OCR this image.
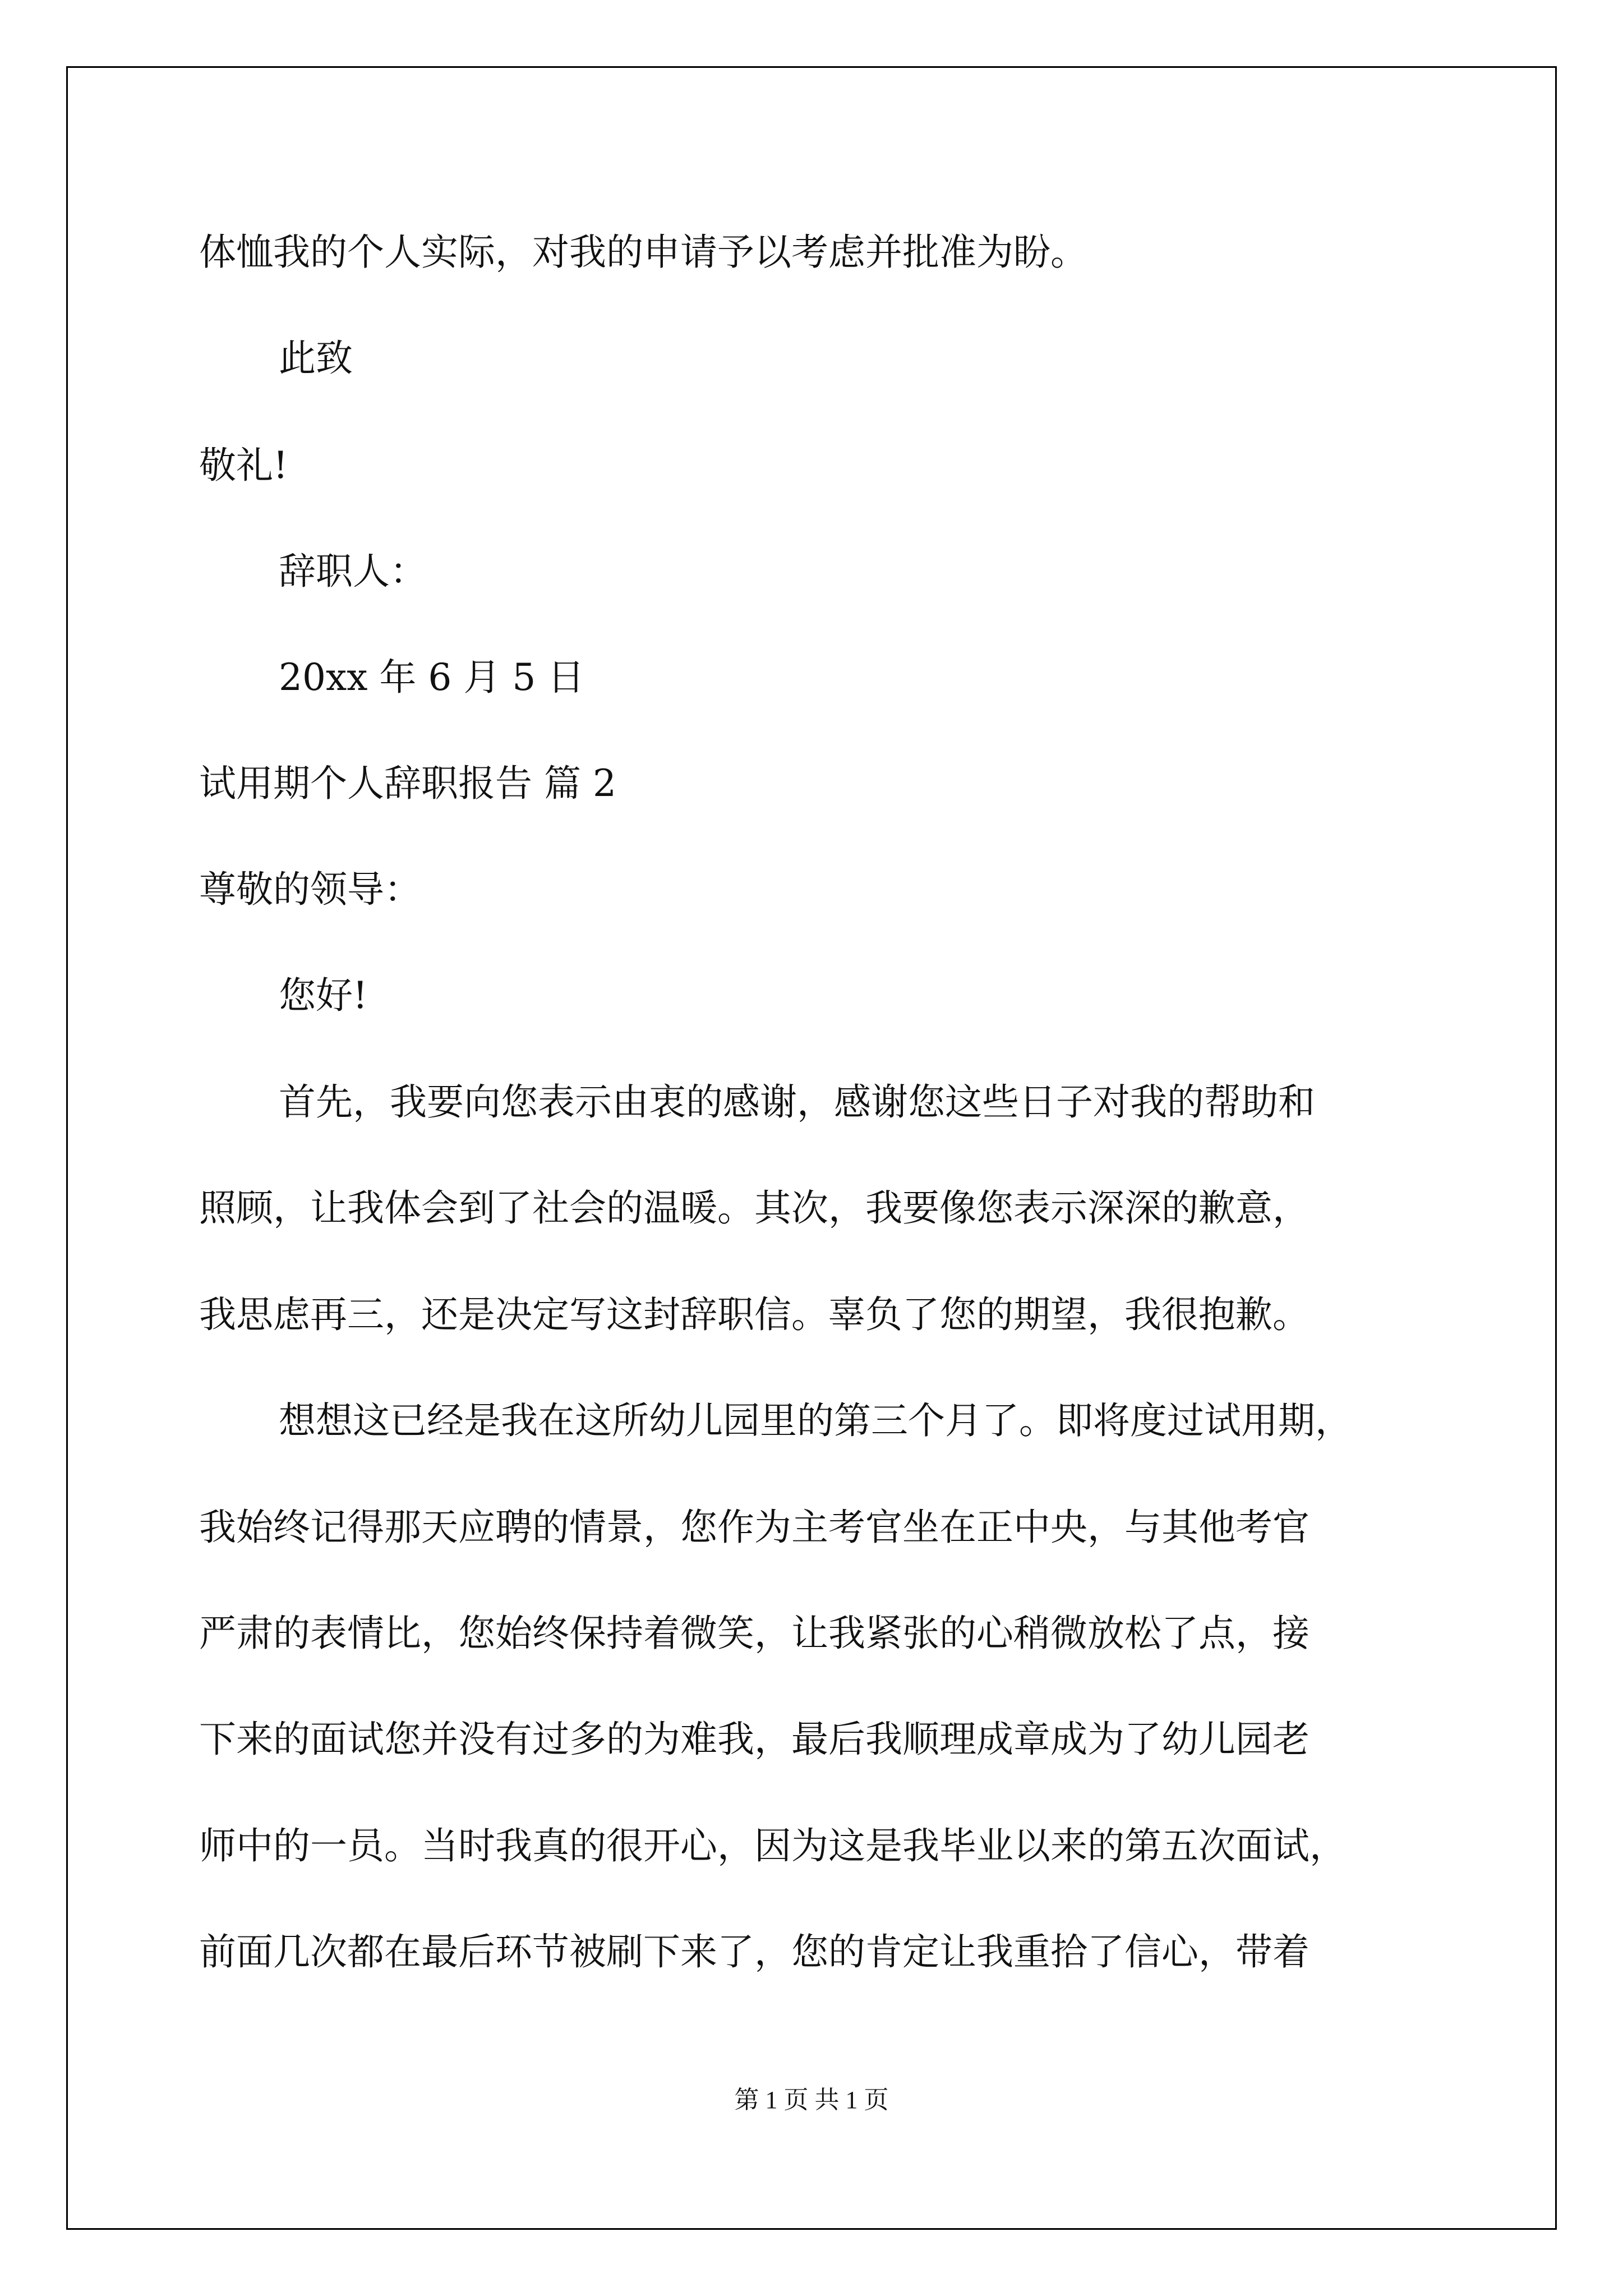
体恤我的个人实际，对我的申请予以考虑并批准为盼。

此致

敬礼!

辞职人：

20xx 年 6 月 5 日

试用期个人辞职报告 篇 2

尊敬的领导：

您好!

首先，我要向您表示由衷的感谢，感谢您这些日子对我的帮助和

照顾，让我体会到了社会的温暖。其次，我要像您表示深深的歉意，

我思虑再三，还是决定写这封辞职信。辜负了您的期望，我很抱歉。

想想这已经是我在这所幼儿园里的第三个月了。即将度过试用期，

我始终记得那天应聘的情景，您作为主考官坐在正中央，与其他考官

严肃的表情比，您始终保持着微笑，让我紧张的心稍微放松了点，接

下来的面试您并没有过多的为难我，最后我顺理成章成为了幼儿园老

师中的一员。当时我真的很开心，因为这是我毕业以来的第五次面试，

前面几次都在最后环节被刷下来了，您的肯定让我重拾了信心，带着

第 1 页 共 1 页
